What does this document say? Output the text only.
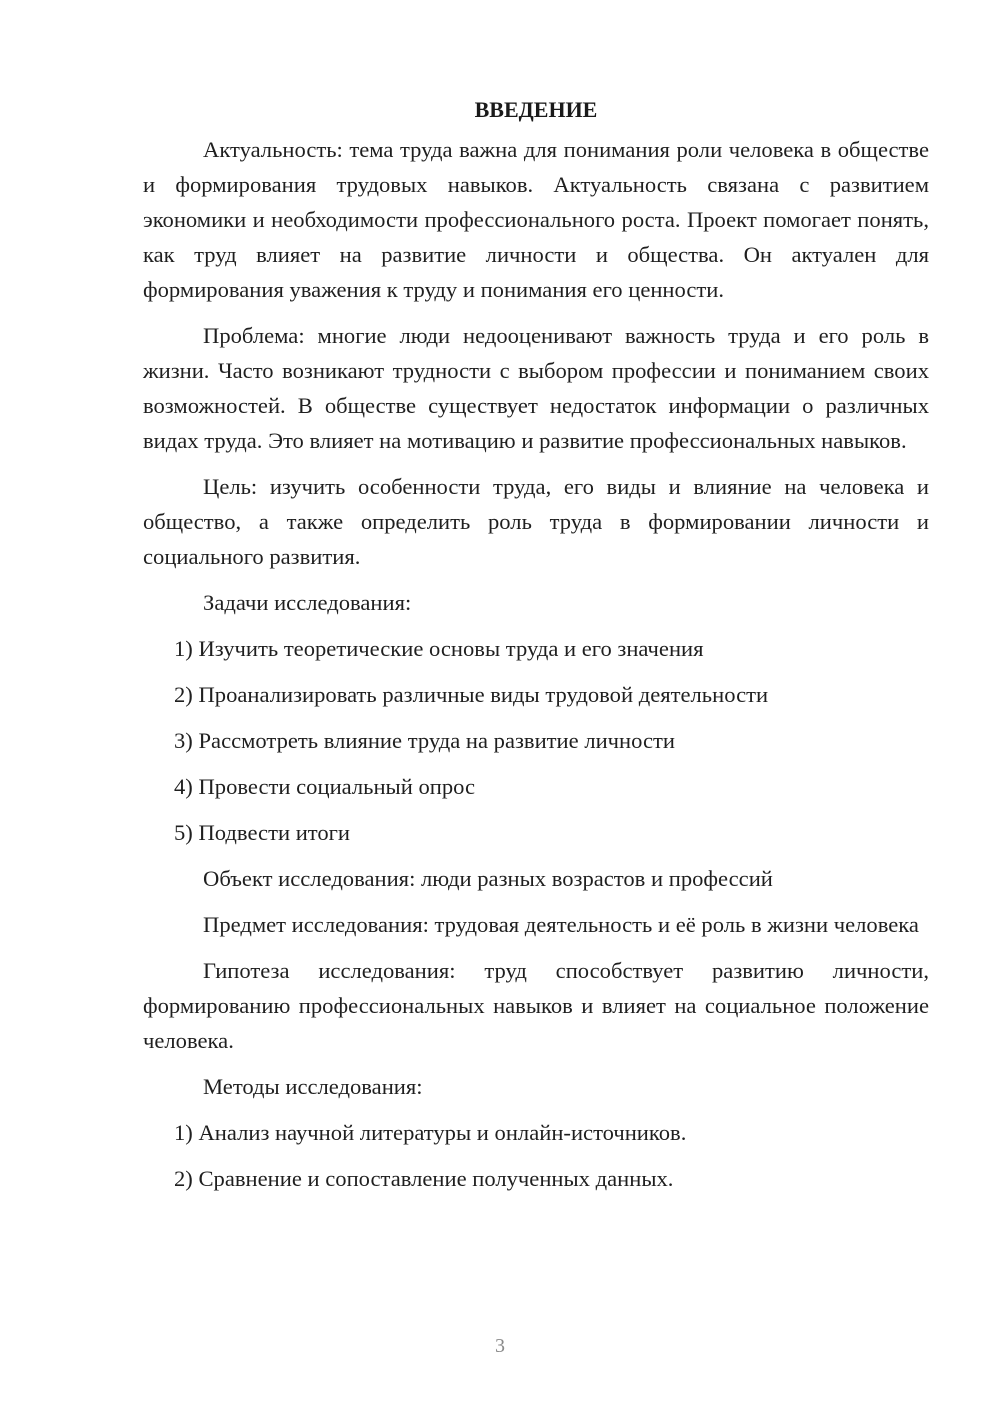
ВВЕДЕНИЕ

Актуальность: тема труда важна для понимания роли человека в обществе и формирования трудовых навыков. Актуальность связана с развитием экономики и необходимости профессионального роста. Проект помогает понять, как труд влияет на развитие личности и общества. Он актуален для формирования уважения к труду и понимания его ценности.

Проблема: многие люди недооценивают важность труда и его роль в жизни. Часто возникают трудности с выбором профессии и пониманием своих возможностей. В обществе существует недостаток информации о различных видах труда. Это влияет на мотивацию и развитие профессиональных навыков.

Цель: изучить особенности труда, его виды и влияние на человека и общество, а также определить роль труда в формировании личности и социального развития.

Задачи исследования:

1) Изучить теоретические основы труда и его значения

2) Проанализировать различные виды трудовой деятельности

3) Рассмотреть влияние труда на развитие личности

4) Провести социальный опрос

5) Подвести итоги

Объект исследования: люди разных возрастов и профессий

Предмет исследования: трудовая деятельность и её роль в жизни человека

Гипотеза исследования: труд способствует развитию личности, формированию профессиональных навыков и влияет на социальное положение человека.

Методы исследования:

1) Анализ научной литературы и онлайн-источников.

2) Сравнение и сопоставление полученных данных.

3
